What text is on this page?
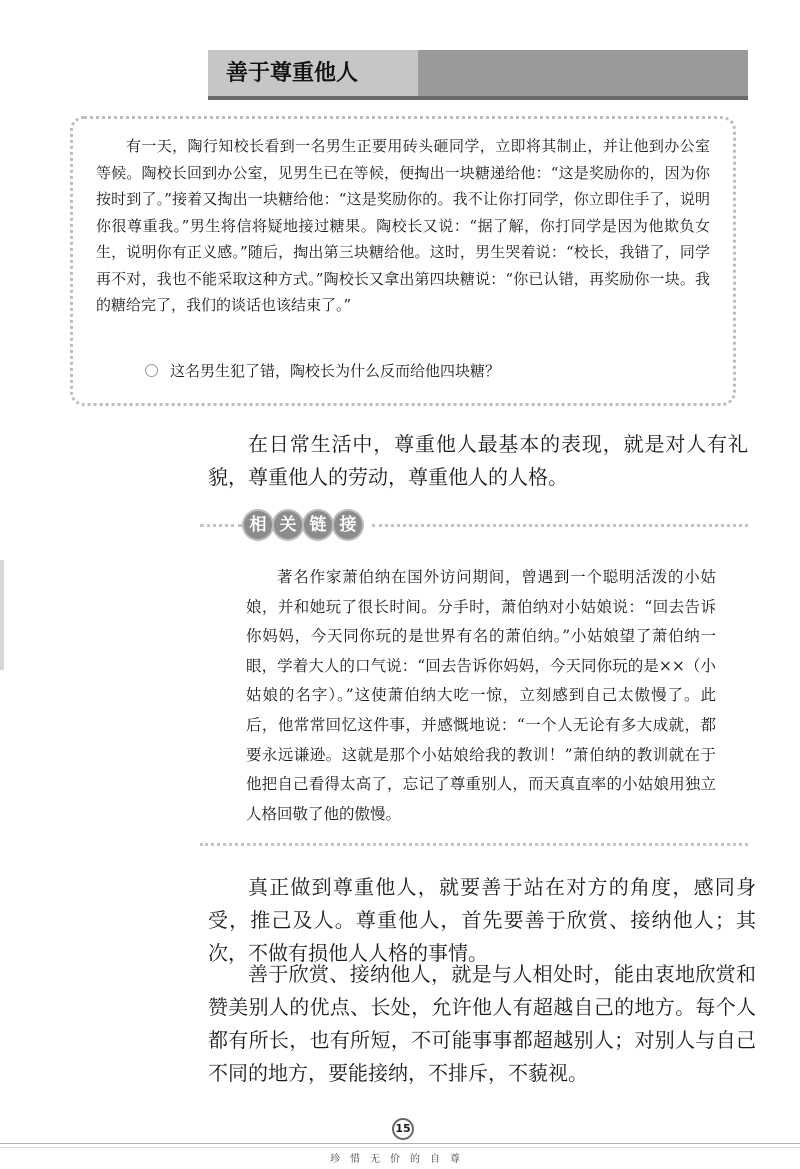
善于尊重他人

有一天，陶行知校长看到一名男生正要用砖头砸同学，立即将其制止，并让他到办公室等候。陶校长回到办公室，见男生已在等候，便掏出一块糖递给他：“这是奖励你的，因为你按时到了。”接着又掏出一块糖给他：“这是奖励你的。我不让你打同学，你立即住手了，说明你很尊重我。”男生将信将疑地接过糖果。陶校长又说：“据了解，你打同学是因为他欺负女生，说明你有正义感。”随后，掏出第三块糖给他。这时，男生哭着说：“校长，我错了，同学再不对，我也不能采取这种方式。”陶校长又拿出第四块糖说：“你已认错，再奖励你一块。我的糖给完了，我们的谈话也该结束了。”

这名男生犯了错，陶校长为什么反而给他四块糖？

在日常生活中，尊重他人最基本的表现，就是对人有礼貌，尊重他人的劳动，尊重他人的人格。

相 关 链 接

著名作家萧伯纳在国外访问期间，曾遇到一个聪明活泼的小姑娘，并和她玩了很长时间。分手时，萧伯纳对小姑娘说：“回去告诉你妈妈，今天同你玩的是世界有名的萧伯纳。”小姑娘望了萧伯纳一眼，学着大人的口气说：“回去告诉你妈妈，今天同你玩的是××（小姑娘的名字）。”这使萧伯纳大吃一惊，立刻感到自己太傲慢了。此后，他常常回忆这件事，并感慨地说：“一个人无论有多大成就，都要永远谦逊。这就是那个小姑娘给我的教训！”萧伯纳的教训就在于他把自己看得太高了，忘记了尊重别人，而天真直率的小姑娘用独立人格回敬了他的傲慢。

真正做到尊重他人，就要善于站在对方的角度，感同身受，推己及人。尊重他人，首先要善于欣赏、接纳他人；其次，不做有损他人人格的事情。

善于欣赏、接纳他人，就是与人相处时，能由衷地欣赏和赞美别人的优点、长处，允许他人有超越自己的地方。每个人都有所长，也有所短，不可能事事都超越别人；对别人与自己不同的地方，要能接纳，不排斥，不藐视。

15
珍惜无价的自尊
